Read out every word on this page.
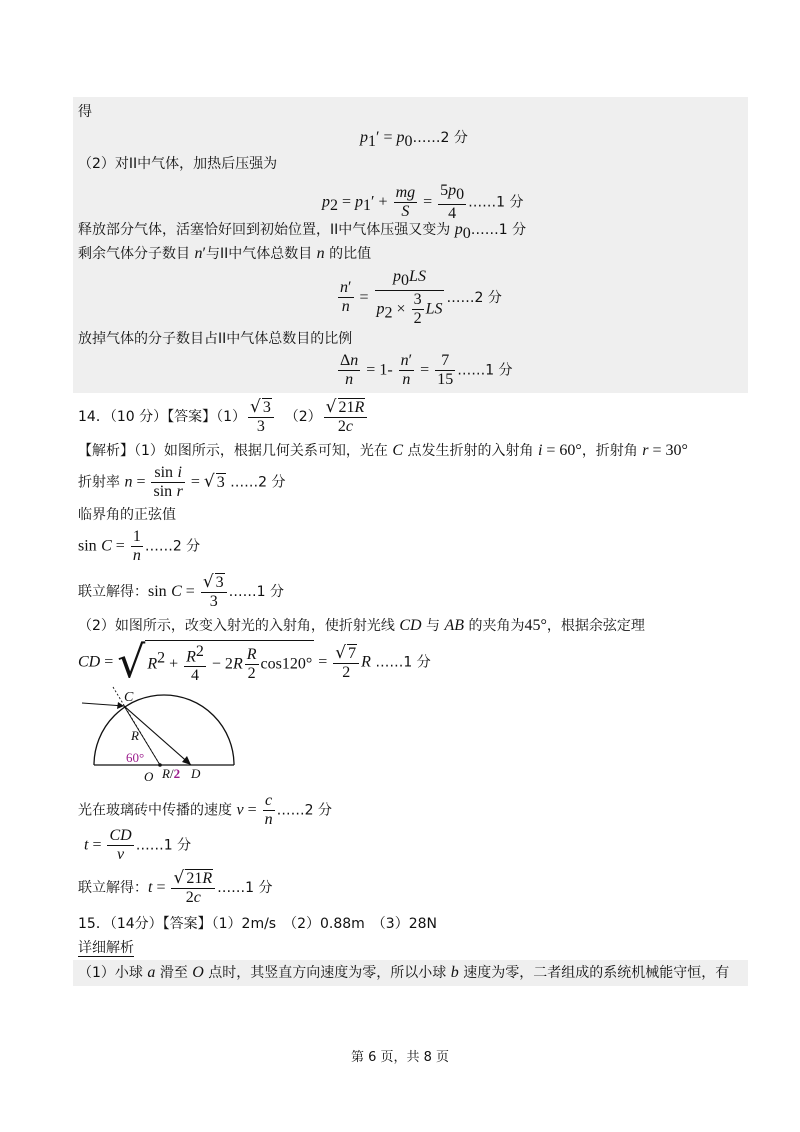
得
$p_1'$ = $p_0\dots\dots 2$ 分
（2）对II中气体，加热后压强为
$p_2 = p_1' + \frac{mg}{S} = \frac{5p_0}{4}$ ……1 分
释放部分气体，活塞恰好回到初始位置，II中气体压强又变为 $p_0\dots\dots 1$ 分
剩余气体分子数目 n′与II中气体总数目 n 的比值
$\frac{n'}{n} = \frac{p_0LS}{p_2 \times \frac{3}{2} LS}$ ……2 分
放掉气体的分子数目占II中气体总数目的比例
$\frac{\Delta n}{n} = 1- \frac{n'}{n} = \frac{7}{15}$ ……1 分
14．（10 分）【答案】$(1) \frac{√ 3}{3} (2) \frac{√ 21R}{2c}$
【解析】（1）如图所示，根据几何关系可知，光在 C 点发生折射的入射角 i = 60°，折射角 r = 30°
折射率 $n = \frac{\text{sin i}}{\text{sin r}}$ = √ 3 ……2 分
临界角的正弦值
$\sin C = \frac{1}{n}$ ……2 分
联立解得：$\sin C = \frac{√ 3}{3}$ ……1 分
（2）如图所示，改变入射光的入射角，使折射光线 CD 与 AB 的夹角为45°，根据余弦定理
CD = √ $R^2 + \frac{R^2}{4} - 2R \frac{R}{2} \cos 120^\circ = \frac{√ 7}{2}$ R ……1 分
C
R
60°
O R/2 D
光在玻璃砖中传播的速度 $v = \frac{c}{n}$ ……2 分
$t = \frac{CD}{v}$ ……1 分
联立解得：$t = \frac{√ 21R}{2c}$ ……1 分
15．（14分）【答案】（1）2m/s　（2）0.88m　（3）28N
详细解析
（1）小球 a 滑至 O 点时，其竖直方向速度为零，所以小球 b 速度为零，二者组成的系统机械能守恒，有
第 6 页，共 8 页
